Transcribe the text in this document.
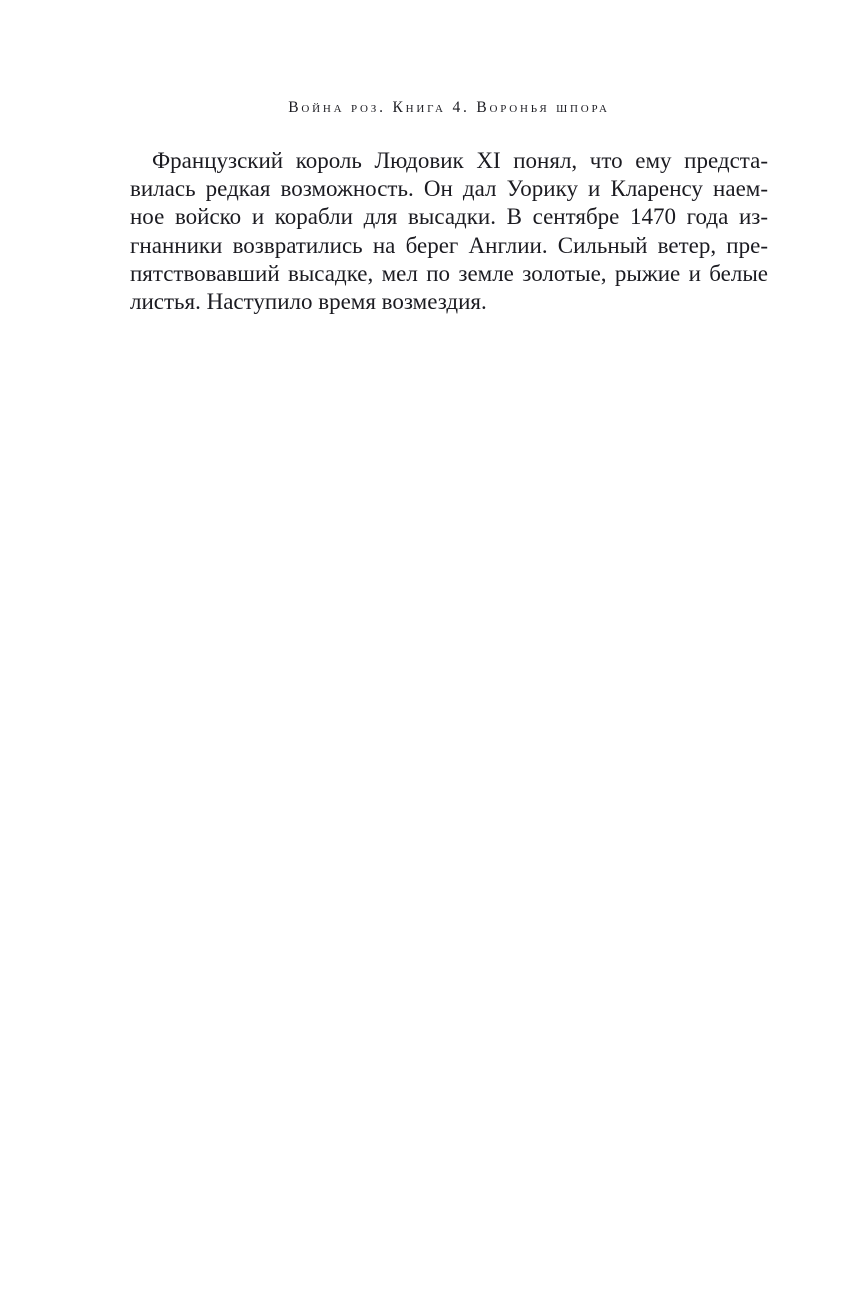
Война роз. Книга 4. Воронья шпора
Французский король Людовик XI понял, что ему предста-
вилась редкая возможность. Он дал Уорику и Кларенсу наем-
ное войско и корабли для высадки. В сентябре 1470 года из-
гнанники возвратились на берег Англии. Сильный ветер, пре-
пятствовавший высадке, мел по земле золотые, рыжие и белые
листья. Наступило время возмездия.
